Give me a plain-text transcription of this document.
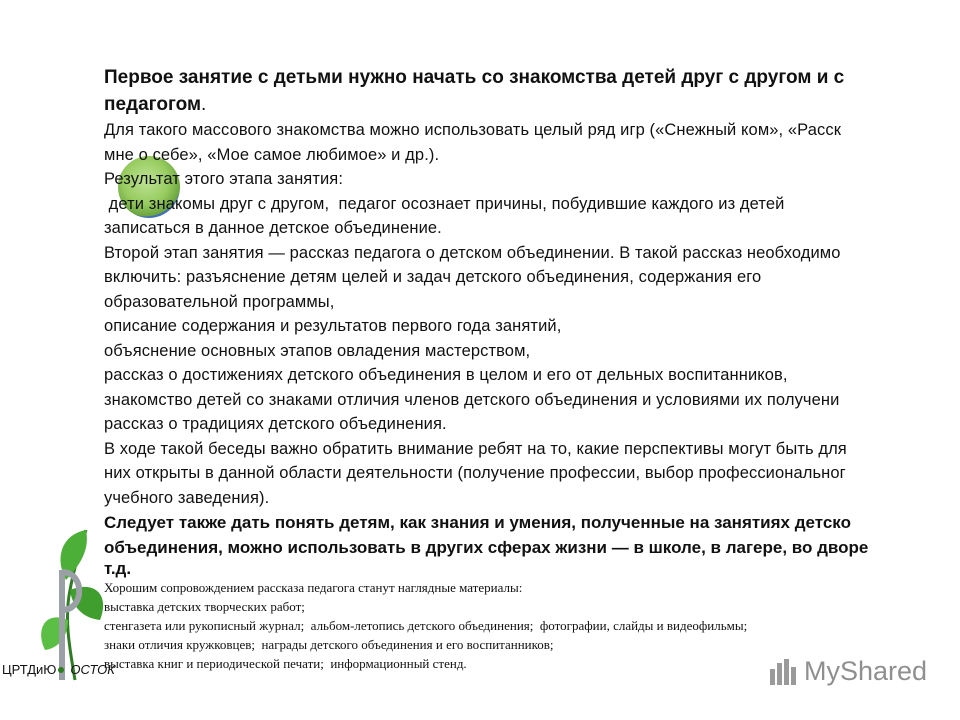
Первое занятие с детьми нужно начать со знакомства детей друг с другом и с
педагогом.

Для такого массового знакомства можно использовать целый ряд игр («Снежный ком», «Расск

мне о себе», «Мое самое любимое» и др.).

Результат этого этапа занятия:

дети знакомы друг с другом,  педагог осознает причины, побудившие каждого из детей

записаться в данное детское объединение.

Второй этап занятия — рассказ педагога о детском объединении. В такой рассказ необходимо

включить: разъяснение детям целей и задач детского объединения, содержания его

образовательной программы,

описание содержания и результатов первого года занятий,

объяснение основных этапов овладения мастерством,

рассказ о достижениях детского объединения в целом и его от дельных воспитанников,

знакомство детей со знаками отличия членов детского объединения и условиями их получени

рассказ о традициях детского объединения.

В ходе такой беседы важно обратить внимание ребят на то, какие перспективы могут быть для

них открыты в данной области деятельности (получение профессии, выбор профессиональног

учебного заведения).

Следует также дать понять детям, как знания и умения, полученные на занятиях детско

объединения, можно использовать в других сферах жизни — в школе, в лагере, во дворе

т.д.

Хорошим сопровождением рассказа педагога станут наглядные материалы:

выставка детских творческих работ;

стенгазета или рукописный журнал;  альбом-летопись детского объединения;  фотографии, слайды и видеофильмы;

знаки отличия кружковцев;  награды детского объединения и его воспитанников;

выставка книг и периодической печати;  информационный стенд.

ЦРТДиЮ ОСТОК	MyShared
